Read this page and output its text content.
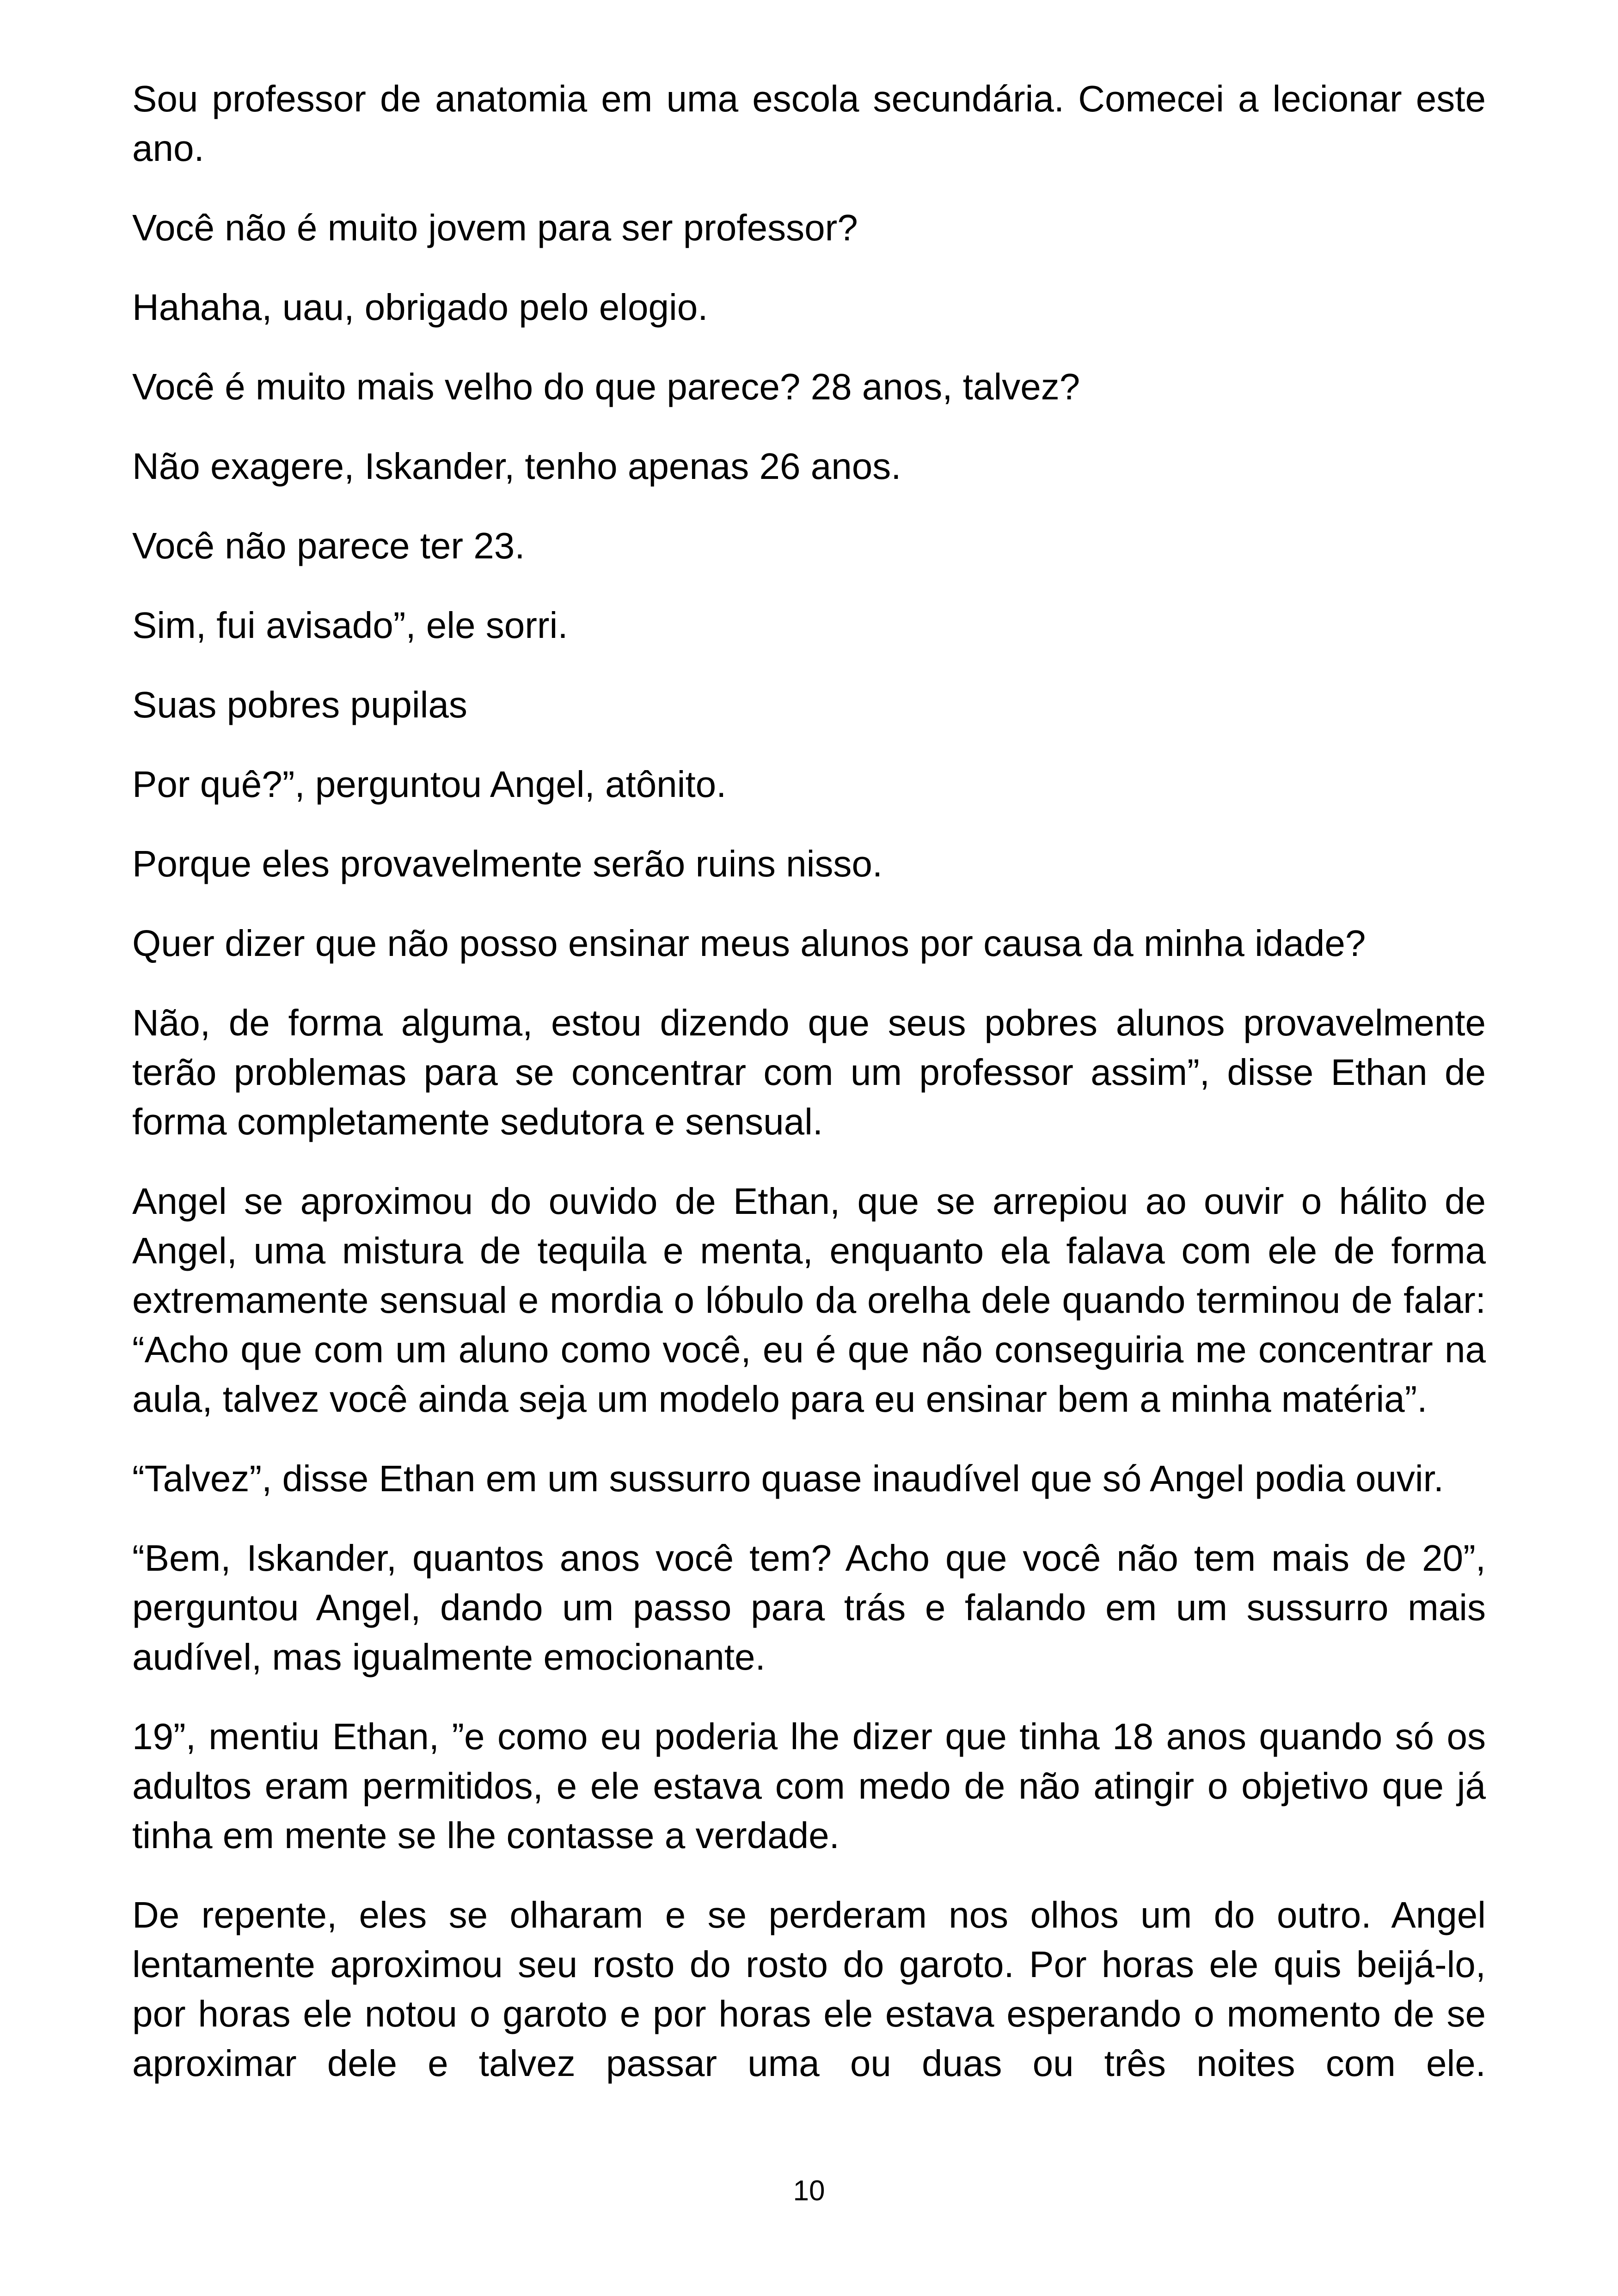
Sou professor de anatomia em uma escola secundária. Comecei a lecionar este ano.

Você não é muito jovem para ser professor?

Hahaha, uau, obrigado pelo elogio.

Você é muito mais velho do que parece? 28 anos, talvez?

Não exagere, Iskander, tenho apenas 26 anos.

Você não parece ter 23.

Sim, fui avisado”, ele sorri.

Suas pobres pupilas

Por quê?”, perguntou Angel, atônito.

Porque eles provavelmente serão ruins nisso.

Quer dizer que não posso ensinar meus alunos por causa da minha idade?

Não, de forma alguma, estou dizendo que seus pobres alunos provavelmente terão problemas para se concentrar com um professor assim”, disse Ethan de forma completamente sedutora e sensual.

Angel se aproximou do ouvido de Ethan, que se arrepiou ao ouvir o hálito de Angel, uma mistura de tequila e menta, enquanto ela falava com ele de forma extremamente sensual e mordia o lóbulo da orelha dele quando terminou de falar: “Acho que com um aluno como você, eu é que não conseguiria me concentrar na aula, talvez você ainda seja um modelo para eu ensinar bem a minha matéria”.

“Talvez”, disse Ethan em um sussurro quase inaudível que só Angel podia ouvir.

“Bem, Iskander, quantos anos você tem? Acho que você não tem mais de 20”, perguntou Angel, dando um passo para trás e falando em um sussurro mais audível, mas igualmente emocionante.

19”, mentiu Ethan, ”e como eu poderia lhe dizer que tinha 18 anos quando só os adultos eram permitidos, e ele estava com medo de não atingir o objetivo que já tinha em mente se lhe contasse a verdade.

De repente, eles se olharam e se perderam nos olhos um do outro. Angel lentamente aproximou seu rosto do rosto do garoto. Por horas ele quis beijá-lo, por horas ele notou o garoto e por horas ele estava esperando o momento de se aproximar dele e talvez passar uma ou duas ou três noites com ele.

10
